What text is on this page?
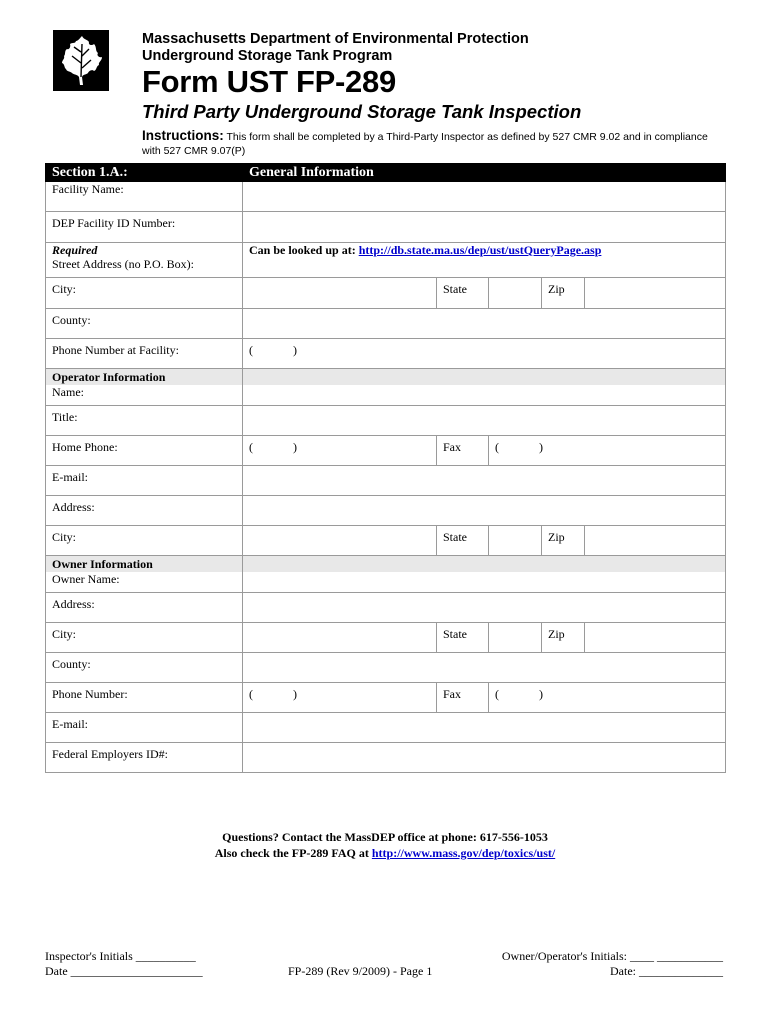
Massachusetts Department of Environmental Protection
Underground Storage Tank Program
Form UST FP-289
Third Party Underground Storage Tank Inspection
Instructions: This form shall be completed by a Third-Party Inspector as defined by 527 CMR 9.02 and in compliance with 527 CMR 9.07(P)
Section 1.A.:	General Information				
Facility Name:					
DEP Facility ID Number:					

Required
Street Address (no P.O. Box):	Can be looked up at: http://db.state.ma.us/dep/ust/ustQueryPage.asp				
City:		State		Zip	
County:					
Phone Number at Facility:	( )				

Operator Information
Name:					

Title:					
Home Phone:	( )	Fax	( )		
E-mail:					
Address:					
City:		State		Zip	

Owner Information
Owner Name:					

Address:					
City:		State		Zip	
County:					
Phone Number:	( )	Fax	( )		
E-mail:					
Federal Employers ID#:					
Questions? Contact the MassDEP office at phone: 617-556-1053
Also check the FP-289 FAQ at http://www.mass.gov/dep/toxics/ust/
Inspector's Initials __________
Date ______________________	FP-289 (Rev 9/2009) - Page 1
Owner/Operator's Initials: ____ ___________
Date: ______________
